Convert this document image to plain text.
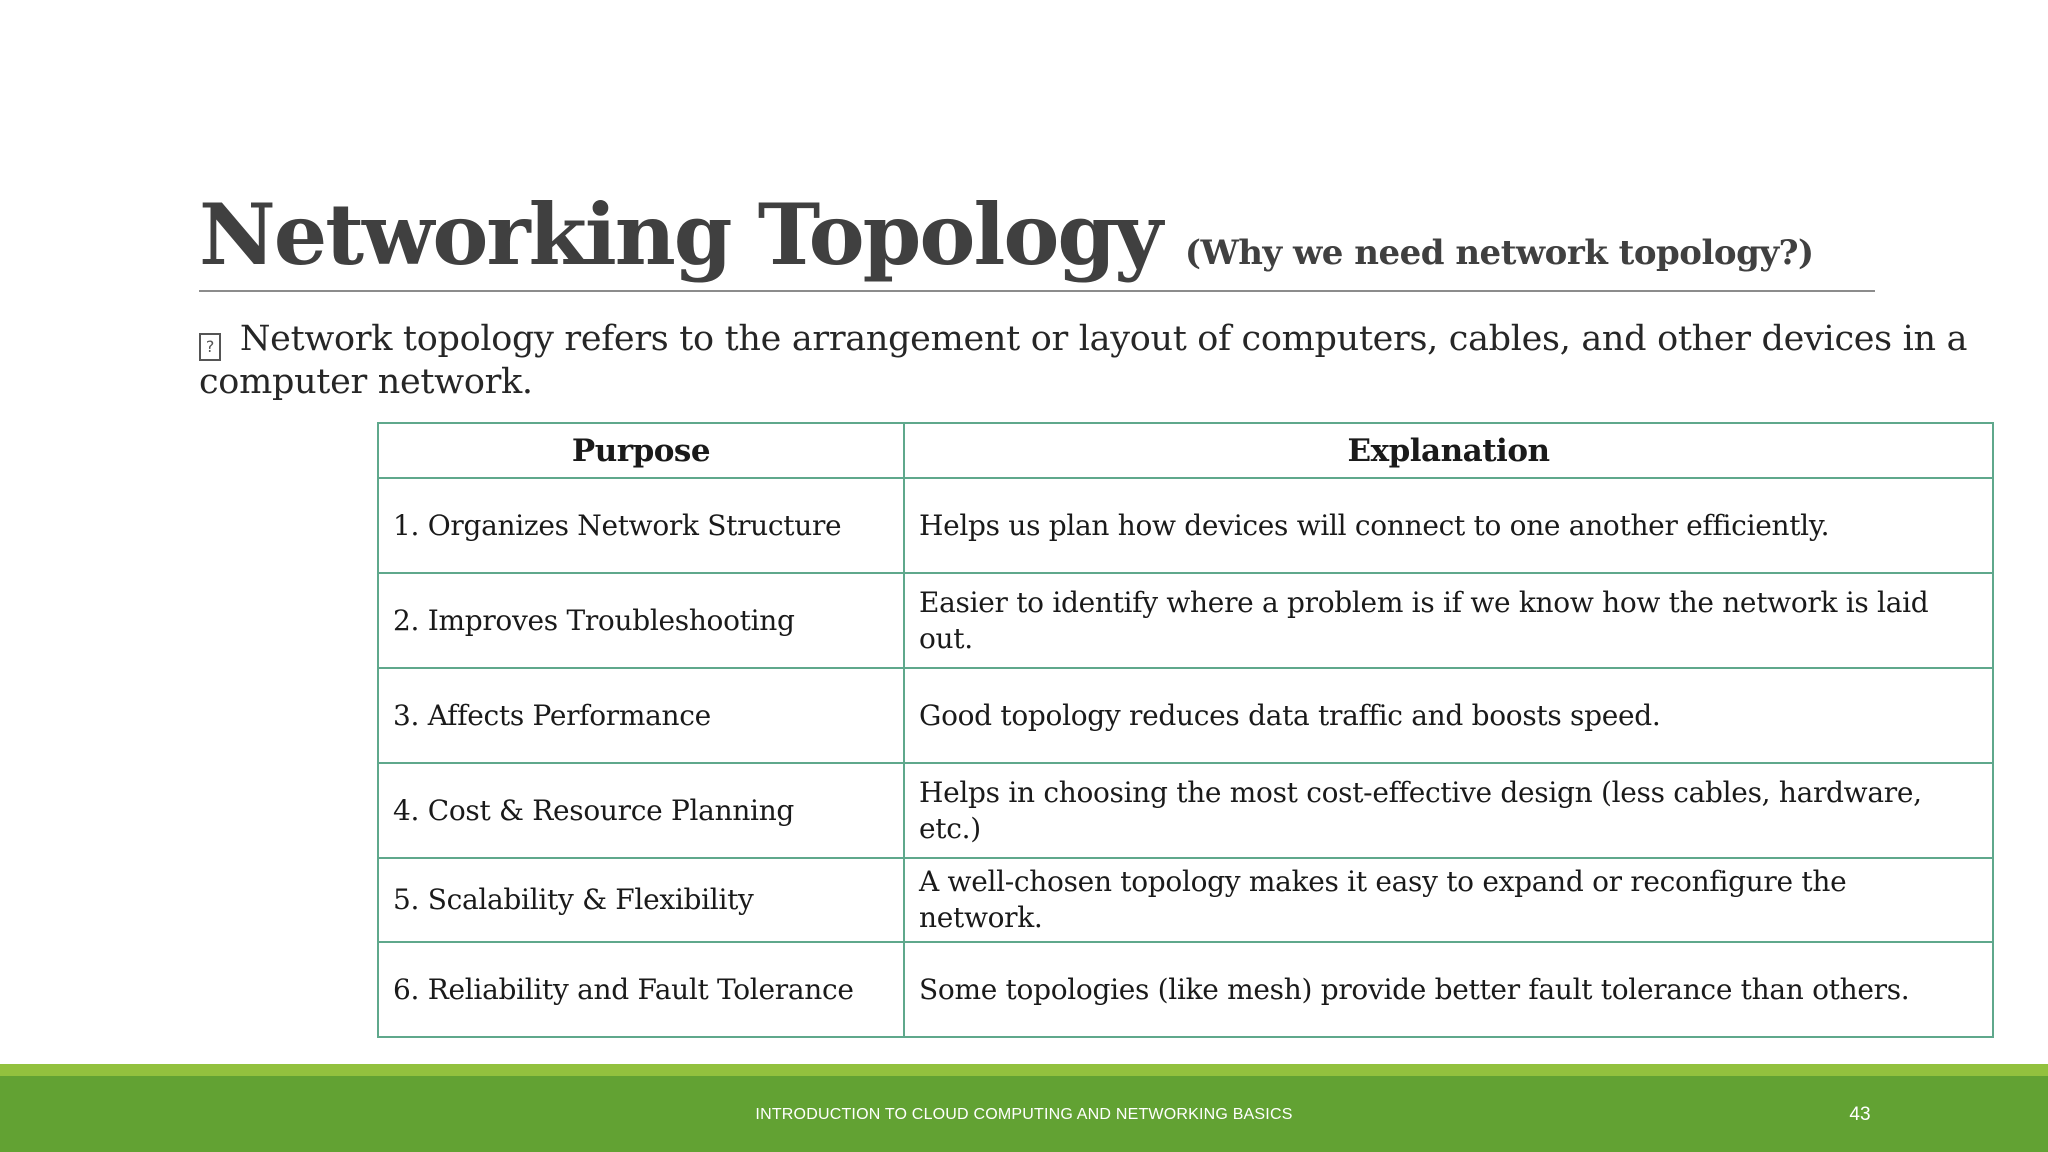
Networking Topology (Why we need network topology?)
? Network topology refers to the arrangement or layout of computers, cables, and other devices in a computer network.
Purpose	Explanation
1. Organizes Network Structure	Helps us plan how devices will connect to one another efficiently.
2. Improves Troubleshooting	Easier to identify where a problem is if we know how the network is laid out.
3. Affects Performance	Good topology reduces data traffic and boosts speed.
4. Cost & Resource Planning	Helps in choosing the most cost-effective design (less cables, hardware, etc.)
5. Scalability & Flexibility	A well-chosen topology makes it easy to expand or reconfigure the network.
6. Reliability and Fault Tolerance	Some topologies (like mesh) provide better fault tolerance than others.
INTRODUCTION TO CLOUD COMPUTING AND NETWORKING BASICS	43
